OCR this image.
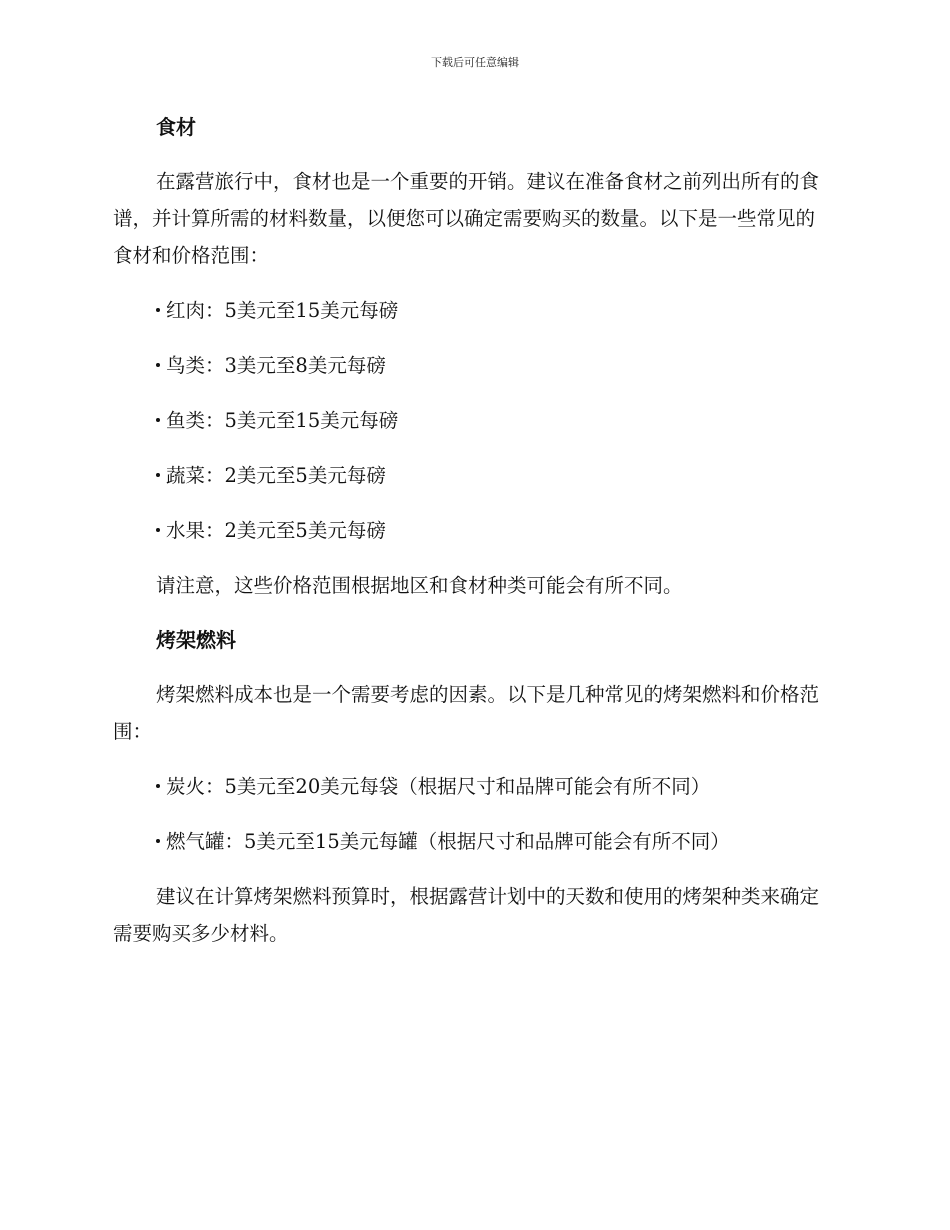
下载后可任意编辑
食材

在露营旅行中，食材也是一个重要的开销。建议在准备食材之前列出所有的食谱，并计算所需的材料数量，以便您可以确定需要购买的数量。以下是一些常见的食材和价格范围：

红肉：5美元至15美元每磅
鸟类：3美元至8美元每磅
鱼类：5美元至15美元每磅
蔬菜：2美元至5美元每磅
水果：2美元至5美元每磅

请注意，这些价格范围根据地区和食材种类可能会有所不同。

烤架燃料

烤架燃料成本也是一个需要考虑的因素。以下是几种常见的烤架燃料和价格范围：

炭火：5美元至20美元每袋（根据尺寸和品牌可能会有所不同）
燃气罐：5美元至15美元每罐（根据尺寸和品牌可能会有所不同）

建议在计算烤架燃料预算时，根据露营计划中的天数和使用的烤架种类来确定需要购买多少材料。
